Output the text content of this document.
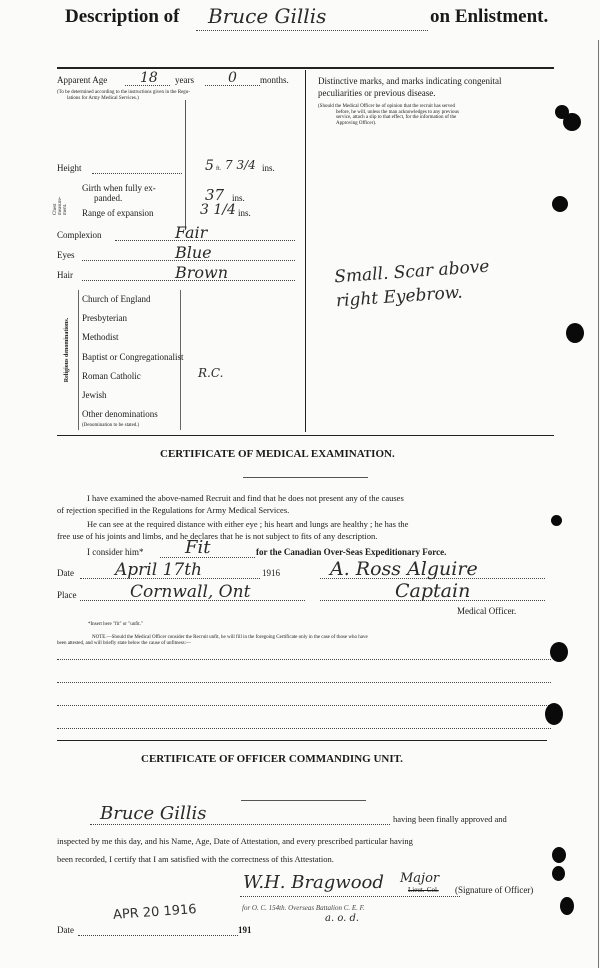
Description of Bruce Gillis	on Enlistment.
Apparent Age 18 years 0	months.
(To be determined according to the instructions given in the Regu-
lations for Army Medical Services.)
Height	5 ft. 7 3/4 ins.
Chest measure-ment.
Girth when fully ex-
panded.	37 ins.
Range of expansion	3 1/4 ins.
Complexion	Fair
Eyes	Blue
Hair	Brown
Religious denominations.
Church of England
Presbyterian
Methodist
Baptist or Congregationalist
Roman Catholic
Jewish
Other denominations
R.C.
(Denomination to be stated.)
Distinctive marks, and marks indicating congenital
peculiarities or previous disease.
(Should the Medical Officer be of opinion that the recruit has served
before, he will, unless the man acknowledges to any previous
service, attach a slip to that effect, for the information of the
Approving Officer).
Small. Scar above
right Eyebrow.
CERTIFICATE OF MEDICAL EXAMINATION.
I have examined the above-named Recruit and find that he does not present any of the causes
of rejection specified in the Regulations for Army Medical Services.
He can see at the required distance with either eye ; his heart and lungs are healthy ; he has the
free use of his joints and limbs, and he declares that he is not subject to fits of any description.
I consider him* Fit	for the Canadian Over-Seas Expeditionary Force.
Date April 17th	1916	A. Ross Alguire
Place	Cornwall, Ont	Captain
Medical Officer.
*Insert here "fit" or "unfit."
NOTE.—Should the Medical Officer consider the Recruit unfit, he will fill in the foregoing Certificate only in the case of those who have
been attested, and will briefly state below the cause of unfitness:—
CERTIFICATE OF OFFICER COMMANDING UNIT.
Bruce Gillis	having been finally approved and
inspected by me this day, and his Name, Age, Date of Attestation, and every prescribed particular having
been recorded, I certify that I am satisfied with the correctness of this Attestation.
W.H. Bragwood Major
Lieut.-Col. (Signature of Officer)
for O. C. 154th. Overseas Battalion C. E. F.
a. o. d.
Date
APR 20 1916
191
